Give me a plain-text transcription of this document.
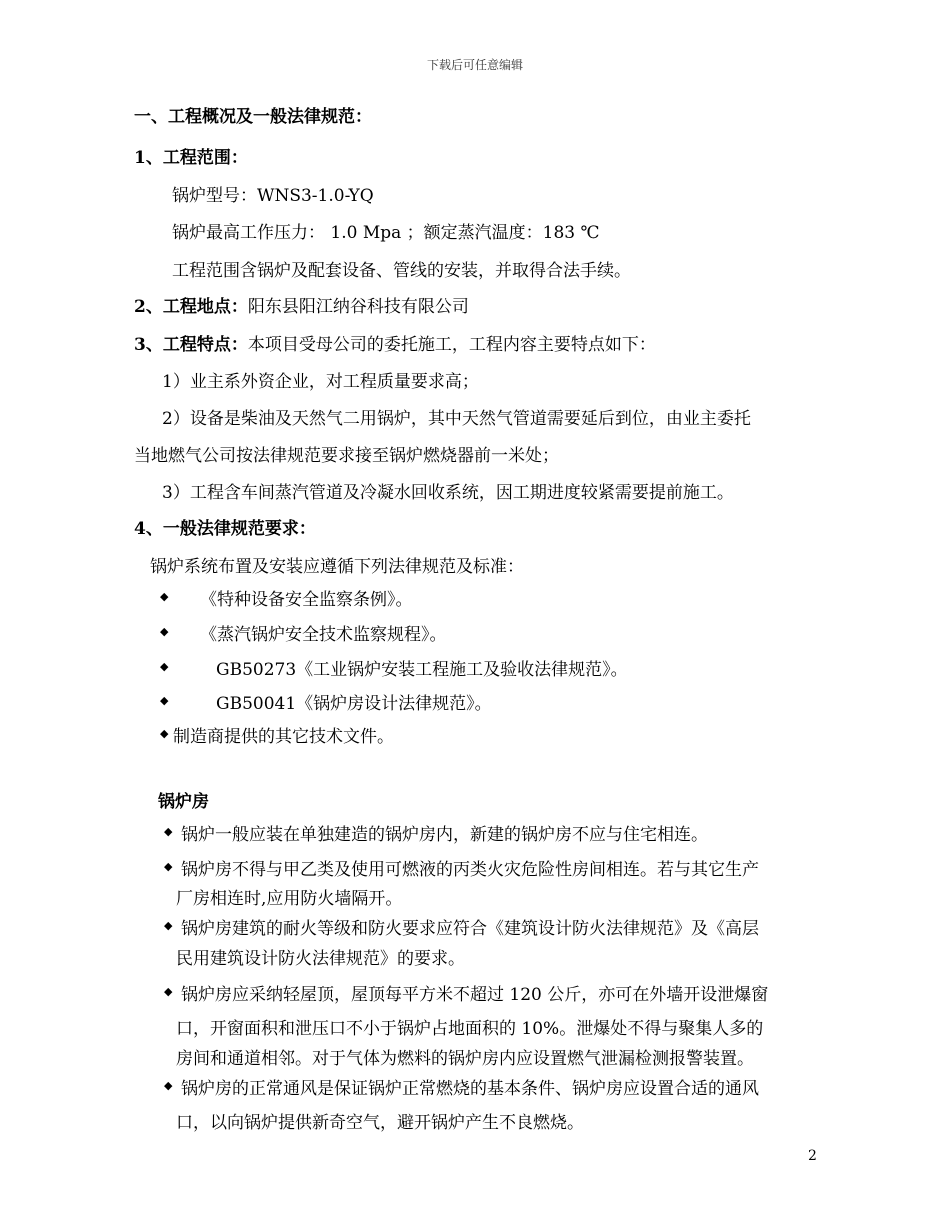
下载后可任意编辑
一、工程概况及一般法律规范：
1、工程范围：
锅炉型号：WNS3-1.0-YQ
锅炉最高工作压力： 1.0 Mpa ；额定蒸汽温度：183 ℃
工程范围含锅炉及配套设备、管线的安装，并取得合法手续。
2、工程地点：阳东县阳江纳谷科技有限公司
3、工程特点：本项目受母公司的委托施工，工程内容主要特点如下：
1）业主系外资企业，对工程质量要求高；
2）设备是柴油及天然气二用锅炉，其中天然气管道需要延后到位，由业主委托
当地燃气公司按法律规范要求接至锅炉燃烧器前一米处；
3）工程含车间蒸汽管道及冷凝水回收系统，因工期进度较紧需要提前施工。
4、一般法律规范要求：
锅炉系统布置及安装应遵循下列法律规范及标准：
◆ 《特种设备安全监察条例》。
◆ 《蒸汽锅炉安全技术监察规程》。
◆	GB50273《工业锅炉安装工程施工及验收法律规范》。
◆	GB50041《锅炉房设计法律规范》。
◆ 制造商提供的其它技术文件。
锅炉房
◆ 锅炉一般应装在单独建造的锅炉房内，新建的锅炉房不应与住宅相连。
◆ 锅炉房不得与甲乙类及使用可燃液的丙类火灾危险性房间相连。若与其它生产
厂房相连时,应用防火墙隔开。
◆ 锅炉房建筑的耐火等级和防火要求应符合《建筑设计防火法律规范》及《高层
民用建筑设计防火法律规范》的要求。
◆ 锅炉房应采纳轻屋顶，屋顶每平方米不超过 120 公斤，亦可在外墙开设泄爆窗
口，开窗面积和泄压口不小于锅炉占地面积的 10%。泄爆处不得与聚集人多的
房间和通道相邻。对于气体为燃料的锅炉房内应设置燃气泄漏检测报警装置。
◆ 锅炉房的正常通风是保证锅炉正常燃烧的基本条件、锅炉房应设置合适的通风
口，以向锅炉提供新奇空气，避开锅炉产生不良燃烧。
2
